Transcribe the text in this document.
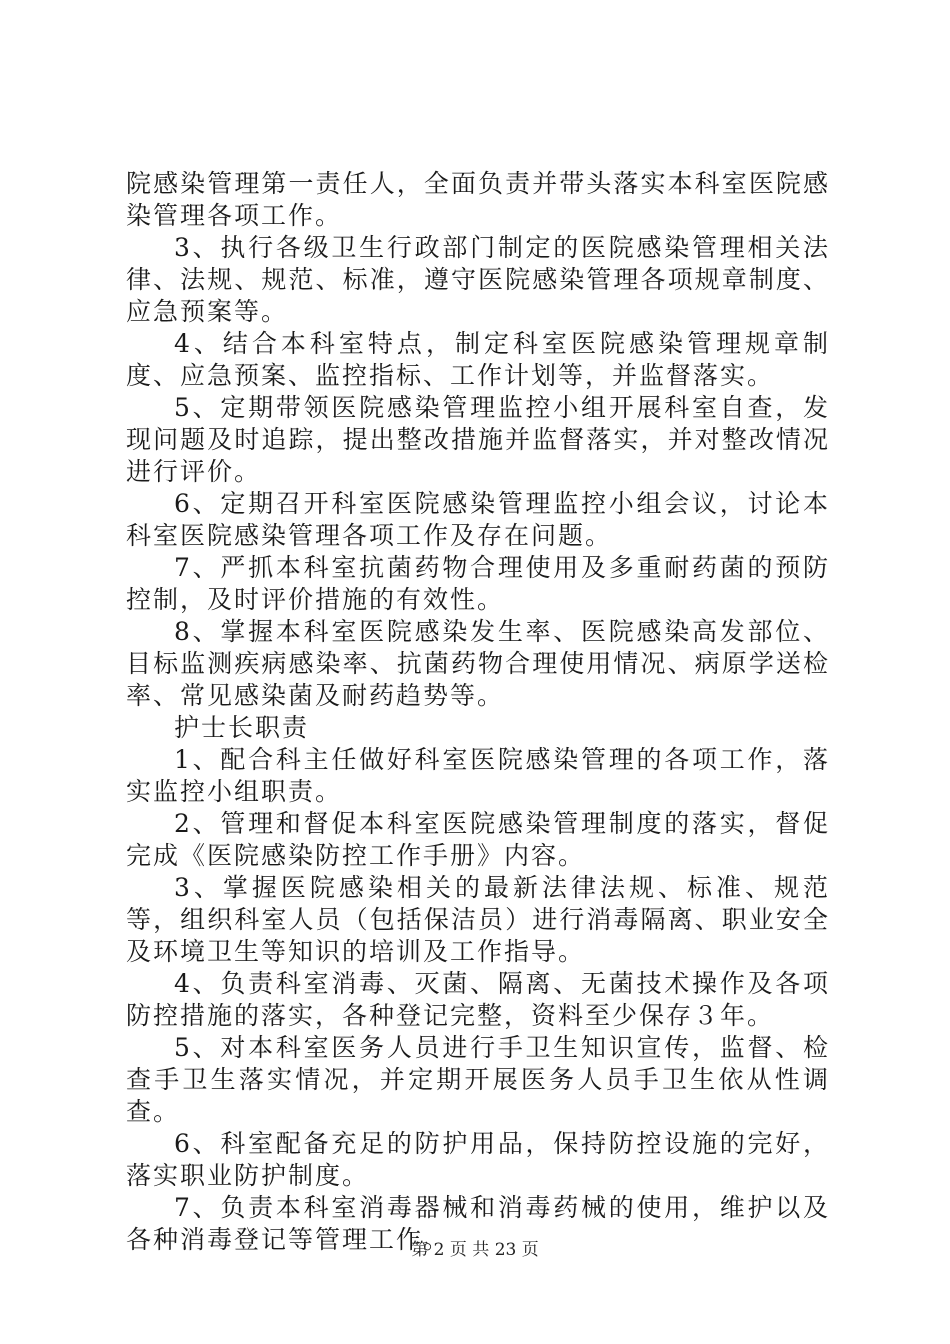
院感染管理第一责任人，全面负责并带头落实本科室医院感染管理各项工作。

3、执行各级卫生行政部门制定的医院感染管理相关法律、法规、规范、标准，遵守医院感染管理各项规章制度、应急预案等。

4、结合本科室特点，制定科室医院感染管理规章制度、应急预案、监控指标、工作计划等，并监督落实。

5、定期带领医院感染管理监控小组开展科室自查，发现问题及时追踪，提出整改措施并监督落实，并对整改情况进行评价。

6、定期召开科室医院感染管理监控小组会议，讨论本科室医院感染管理各项工作及存在问题。

7、严抓本科室抗菌药物合理使用及多重耐药菌的预防控制，及时评价措施的有效性。

8、掌握本科室医院感染发生率、医院感染高发部位、目标监测疾病感染率、抗菌药物合理使用情况、病原学送检率、常见感染菌及耐药趋势等。

护士长职责

1、配合科主任做好科室医院感染管理的各项工作，落实监控小组职责。

2、管理和督促本科室医院感染管理制度的落实，督促完成《医院感染防控工作手册》内容。

3、掌握医院感染相关的最新法律法规、标准、规范等，组织科室人员（包括保洁员）进行消毒隔离、职业安全及环境卫生等知识的培训及工作指导。

4、负责科室消毒、灭菌、隔离、无菌技术操作及各项防控措施的落实，各种登记完整，资料至少保存３年。

5、对本科室医务人员进行手卫生知识宣传，监督、检查手卫生落实情况，并定期开展医务人员手卫生依从性调查。

6、科室配备充足的防护用品，保持防控设施的完好，落实职业防护制度。

7、负责本科室消毒器械和消毒药械的使用，维护以及各种消毒登记等管理工作。

第 2 页 共 23 页
